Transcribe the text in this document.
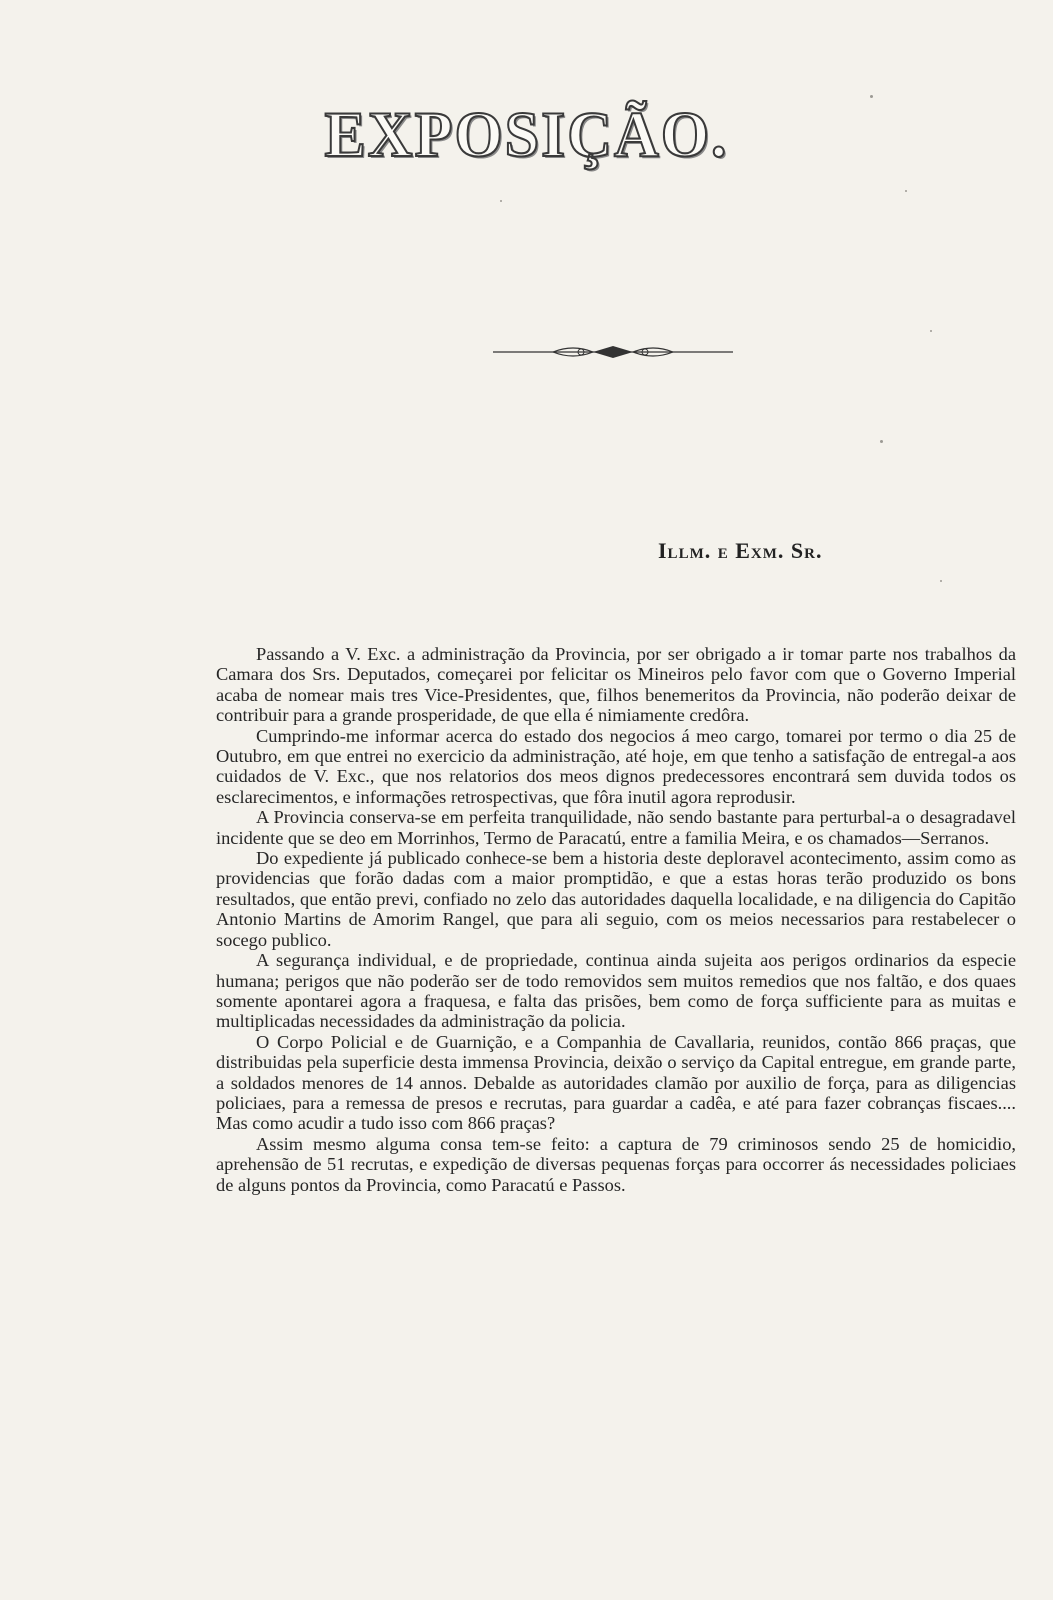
EXPOSIÇÃO.
Illm. e Exm. Sr.

Passando a V. Exc. a administração da Provincia, por ser obrigado a ir tomar parte nos trabalhos da Camara dos Srs. Deputados, começarei por felicitar os Mineiros pelo favor com que o Governo Imperial acaba de nomear mais tres Vice-Presidentes, que, filhos benemeritos da Provincia, não poderão deixar de contribuir para a grande prosperidade, de que ella é nimiamente credôra.

Cumprindo-me informar acerca do estado dos negocios á meo cargo, tomarei por termo o dia 25 de Outubro, em que entrei no exercicio da administração, até hoje, em que tenho a satisfação de entregal-a aos cuidados de V. Exc., que nos relatorios dos meos dignos predecessores encontrará sem duvida todos os esclarecimentos, e informações retrospectivas, que fôra inutil agora reprodusir.

A Provincia conserva-se em perfeita tranquilidade, não sendo bastante para perturbal-a o desagradavel incidente que se deo em Morrinhos, Termo de Paracatú, entre a familia Meira, e os chamados—Serranos.

Do expediente já publicado conhece-se bem a historia deste deploravel acontecimento, assim como as providencias que forão dadas com a maior promptidão, e que a estas horas terão produzido os bons resultados, que então previ, confiado no zelo das autoridades daquella localidade, e na diligencia do Capitão Antonio Martins de Amorim Rangel, que para ali seguio, com os meios necessarios para restabelecer o socego publico.

A segurança individual, e de propriedade, continua ainda sujeita aos perigos ordinarios da especie humana; perigos que não poderão ser de todo removidos sem muitos remedios que nos faltão, e dos quaes somente apontarei agora a fraquesa, e falta das prisões, bem como de força sufficiente para as muitas e multiplicadas necessidades da administração da policia.

O Corpo Policial e de Guarnição, e a Companhia de Cavallaria, reunidos, contão 866 praças, que distribuidas pela superficie desta immensa Provincia, deixão o serviço da Capital entregue, em grande parte, a soldados menores de 14 annos. Debalde as autoridades clamão por auxilio de força, para as diligencias policiaes, para a remessa de presos e recrutas, para guardar a cadêa, e até para fazer cobranças fiscaes.... Mas como acudir a tudo isso com 866 praças?

Assim mesmo alguma consa tem-se feito: a captura de 79 criminosos sendo 25 de homicidio, aprehensão de 51 recrutas, e expedição de diversas pequenas forças para occorrer ás necessidades policiaes de alguns pontos da Provincia, como Paracatú e Passos.
